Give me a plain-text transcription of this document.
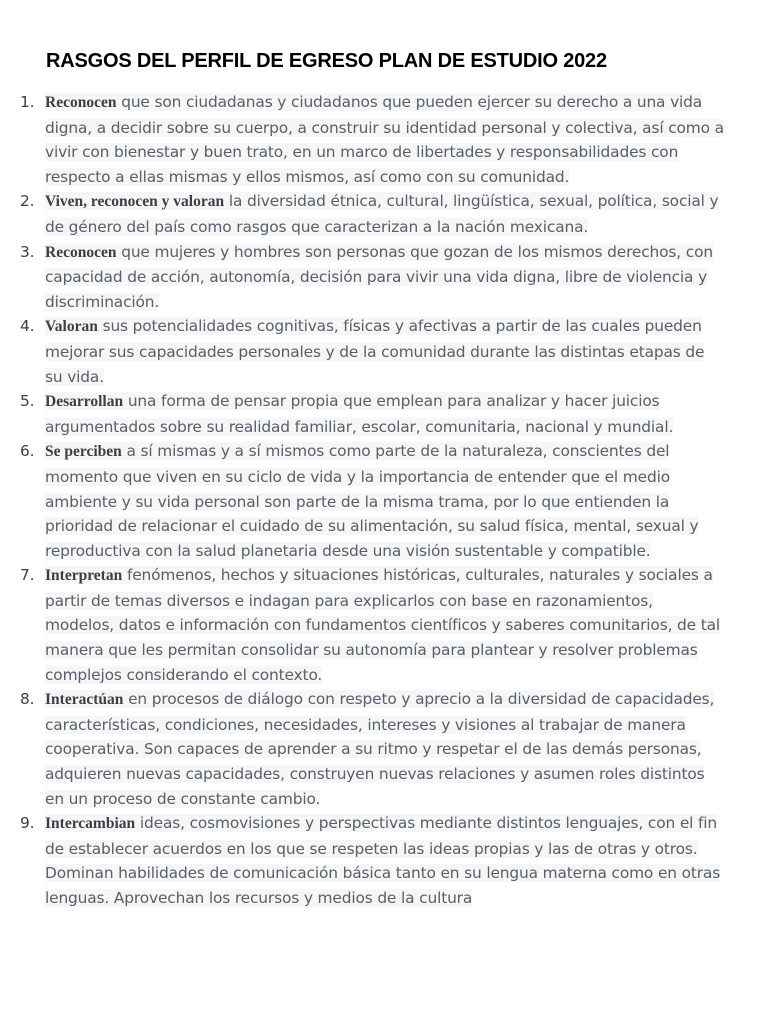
RASGOS DEL PERFIL DE EGRESO PLAN DE ESTUDIO 2022
1. Reconocen que son ciudadanas y ciudadanos que pueden ejercer su derecho a una vida digna, a decidir sobre su cuerpo, a construir su identidad personal y colectiva, así como a vivir con bienestar y buen trato, en un marco de libertades y responsabilidades con respecto a ellas mismas y ellos mismos, así como con su comunidad.
2. Viven, reconocen y valoran la diversidad étnica, cultural, lingüística, sexual, política, social y de género del país como rasgos que caracterizan a la nación mexicana.
3. Reconocen que mujeres y hombres son personas que gozan de los mismos derechos, con capacidad de acción, autonomía, decisión para vivir una vida digna, libre de violencia y discriminación.
4. Valoran sus potencialidades cognitivas, físicas y afectivas a partir de las cuales pueden mejorar sus capacidades personales y de la comunidad durante las distintas etapas de su vida.
5. Desarrollan una forma de pensar propia que emplean para analizar y hacer juicios argumentados sobre su realidad familiar, escolar, comunitaria, nacional y mundial.
6. Se perciben a sí mismas y a sí mismos como parte de la naturaleza, conscientes del momento que viven en su ciclo de vida y la importancia de entender que el medio ambiente y su vida personal son parte de la misma trama, por lo que entienden la prioridad de relacionar el cuidado de su alimentación, su salud física, mental, sexual y reproductiva con la salud planetaria desde una visión sustentable y compatible.
7. Interpretan fenómenos, hechos y situaciones históricas, culturales, naturales y sociales a partir de temas diversos e indagan para explicarlos con base en razonamientos, modelos, datos e información con fundamentos científicos y saberes comunitarios, de tal manera que les permitan consolidar su autonomía para plantear y resolver problemas complejos considerando el contexto.
8. Interactúan en procesos de diálogo con respeto y aprecio a la diversidad de capacidades, características, condiciones, necesidades, intereses y visiones al trabajar de manera cooperativa. Son capaces de aprender a su ritmo y respetar el de las demás personas, adquieren nuevas capacidades, construyen nuevas relaciones y asumen roles distintos en un proceso de constante cambio.
9. Intercambian ideas, cosmovisiones y perspectivas mediante distintos lenguajes, con el fin de establecer acuerdos en los que se respeten las ideas propias y las de otras y otros. Dominan habilidades de comunicación básica tanto en su lengua materna como en otras lenguas. Aprovechan los recursos y medios de la cultura
